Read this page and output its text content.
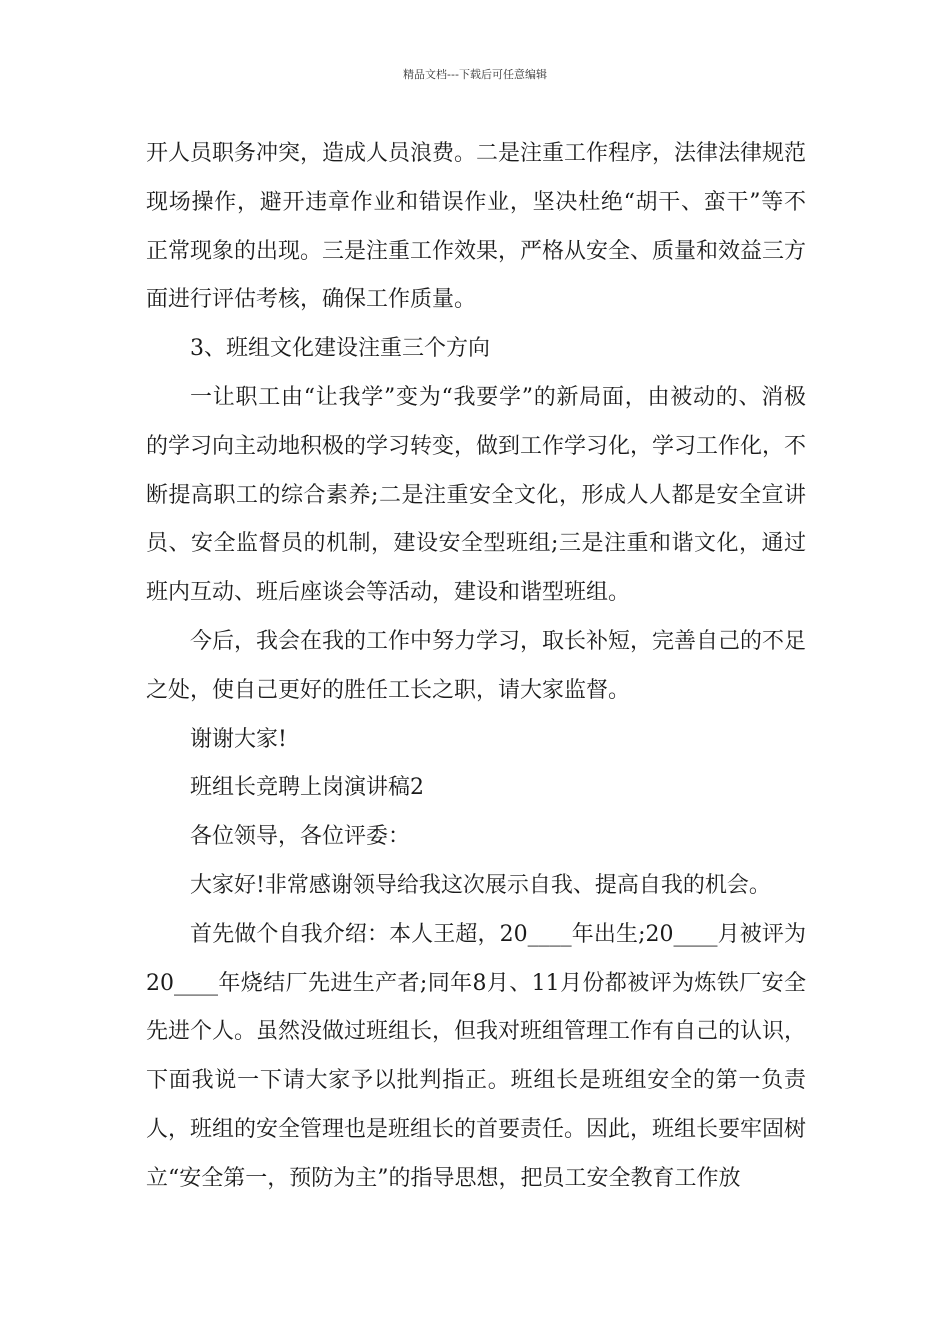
精品文档---下载后可任意编辑

开人员职务冲突，造成人员浪费。二是注重工作程序，法律法律规范现场操作，避开违章作业和错误作业，坚决杜绝“胡干、蛮干”等不正常现象的出现。三是注重工作效果，严格从安全、质量和效益三方面进行评估考核，确保工作质量。

3、班组文化建设注重三个方向

一让职工由“让我学”变为“我要学”的新局面，由被动的、消极的学习向主动地积极的学习转变，做到工作学习化，学习工作化，不断提高职工的综合素养;二是注重安全文化，形成人人都是安全宣讲员、安全监督员的机制，建设安全型班组;三是注重和谐文化，通过班内互动、班后座谈会等活动，建设和谐型班组。

今后，我会在我的工作中努力学习，取长补短，完善自己的不足之处，使自己更好的胜任工长之职，请大家监督。

谢谢大家!

班组长竞聘上岗演讲稿2

各位领导，各位评委：

大家好!非常感谢领导给我这次展示自我、提高自我的机会。

首先做个自我介绍：本人王超，20____年出生;20____月被评为20____年烧结厂先进生产者;同年8月、11月份都被评为炼铁厂安全先进个人。虽然没做过班组长，但我对班组管理工作有自己的认识，下面我说一下请大家予以批判指正。班组长是班组安全的第一负责人，班组的安全管理也是班组长的首要责任。因此，班组长要牢固树立“安全第一，预防为主”的指导思想，把员工安全教育工作放
